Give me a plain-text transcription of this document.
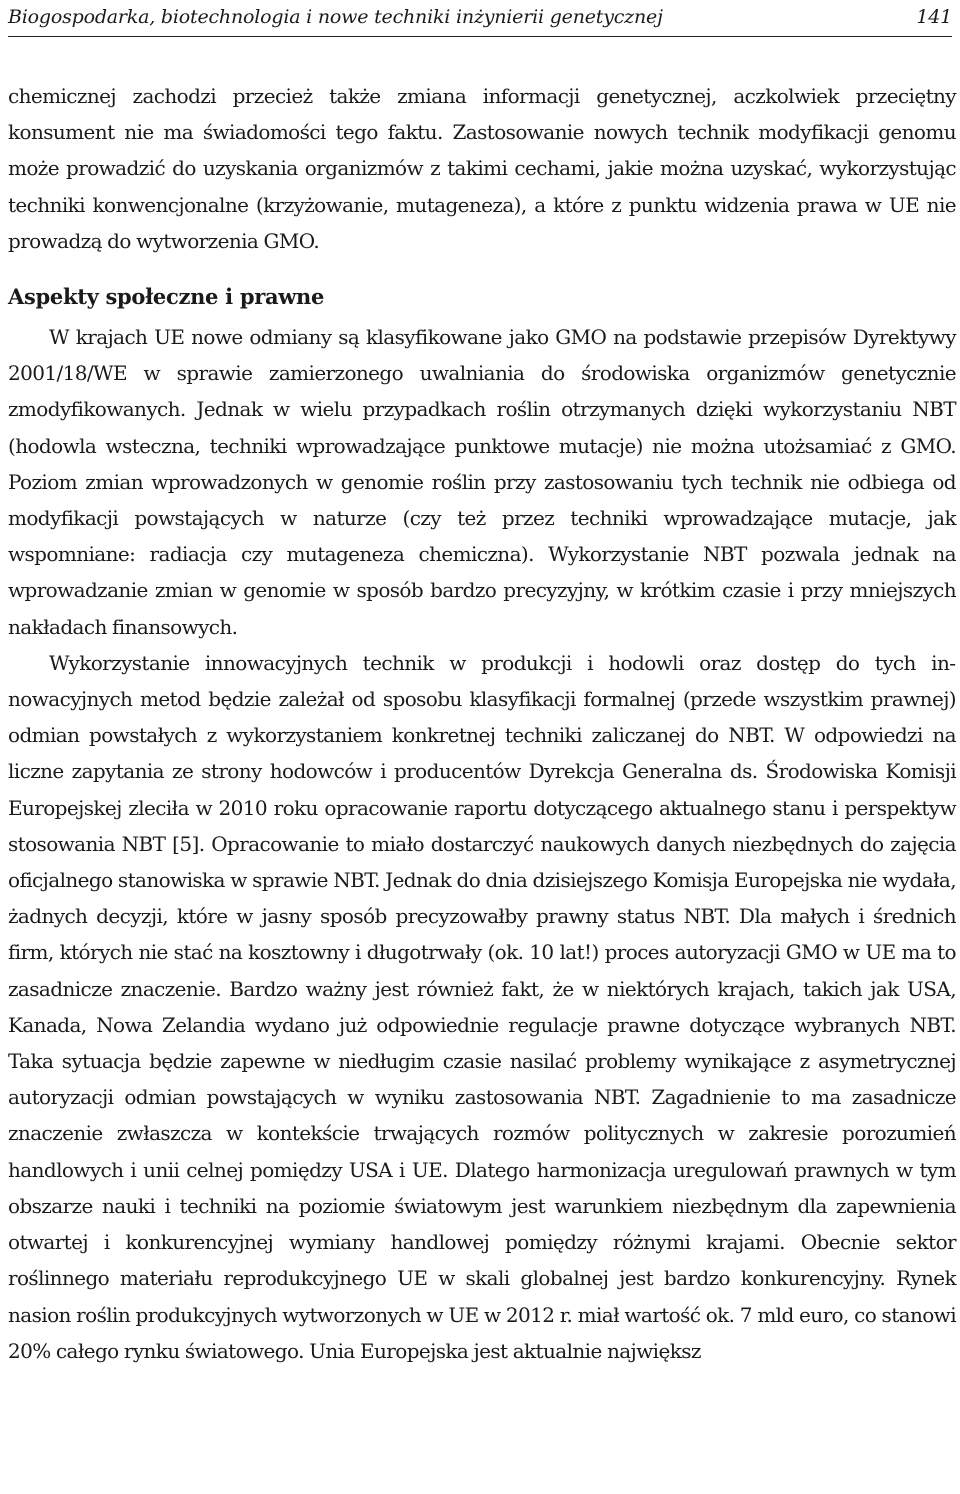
Biogospodarka, biotechnologia i nowe techniki inżynierii genetycznej	141

chemicznej zachodzi przecież także zmiana informacji genetycznej, aczkolwiek przeciętny konsument nie ma świadomości tego faktu. Zastosowanie nowych technik modyfikacji genomu może prowadzić do uzyskania organizmów z takimi cechami, jakie można uzyskać, wykorzystując techniki konwencjonalne (krzyżowanie, mutageneza), a które z punktu widzenia prawa w UE nie prowadzą do wytworzenia GMO.

Aspekty społeczne i prawne

W krajach UE nowe odmiany są klasyfikowane jako GMO na podstawie przepisów Dyrektywy 2001/18/WE w sprawie zamierzonego uwalniania do środowiska organizmów genetycznie zmodyfikowanych. Jednak w wielu przypadkach roślin otrzymanych dzięki wykorzystaniu NBT (hodowla wsteczna, techniki wprowadzające punktowe mutacje) nie można utożsamiać z GMO. Poziom zmian wprowadzonych w genomie roślin przy zastosowaniu tych technik nie odbiega od modyfikacji powstających w naturze (czy też przez techniki wprowadzające mutacje, jak wspomniane: radiacja czy mutageneza chemiczna). Wykorzystanie NBT pozwala jednak na wprowadzanie zmian w genomie w sposób bardzo precyzyjny, w krótkim czasie i przy mniejszych nakładach finansowych.

Wykorzystanie innowacyjnych technik w produkcji i hodowli oraz dostęp do tych innowacyjnych metod będzie zależał od sposobu klasyfikacji formalnej (przede wszystkim prawnej) odmian powstałych z wykorzystaniem konkretnej techniki zaliczanej do NBT. W odpowiedzi na liczne zapytania ze strony hodowców i producentów Dyrekcja Generalna ds. Środowiska Komisji Europejskej zleciła w 2010 roku opracowanie raportu dotyczącego aktualnego stanu i perspektyw stosowania NBT [5]. Opracowanie to miało dostarczyć naukowych danych niezbędnych do zajęcia oficjalnego stanowiska w sprawie NBT. Jednak do dnia dzisiejszego Komisja Europejska nie wydała, żadnych decyzji, które w jasny sposób precyzowałby prawny status NBT. Dla małych i średnich firm, których nie stać na kosztowny i długotrwały (ok. 10 lat!) proces autoryzacji GMO w UE ma to zasadnicze znaczenie. Bardzo ważny jest również fakt, że w niektórych krajach, takich jak USA, Kanada, Nowa Zelandia wydano już odpowiednie regulacje prawne dotyczące wybranych NBT. Taka sytuacja będzie zapewne w niedługim czasie nasilać problemy wynikające z asymetrycznej autoryzacji odmian powstających w wyniku zastosowania NBT. Zagadnienie to ma zasadnicze znaczenie zwłaszcza w kontekście trwających rozmów politycznych w zakresie porozumień handlowych i unii celnej pomiędzy USA i UE. Dlatego harmonizacja uregulowań prawnych w tym obszarze nauki i techniki na poziomie światowym jest warunkiem niezbędnym dla zapewnienia otwartej i konkurencyjnej wymiany handlowej pomiędzy różnymi krajami. Obecnie sektor roślinnego materiału reprodukcyjnego UE w skali globalnej jest bardzo konkurencyjny. Rynek nasion roślin produkcyjnych wytworzonych w UE w 2012 r. miał wartość ok. 7 mld euro, co stanowi 20% całego rynku światowego. Unia Europejska jest aktualnie największ
